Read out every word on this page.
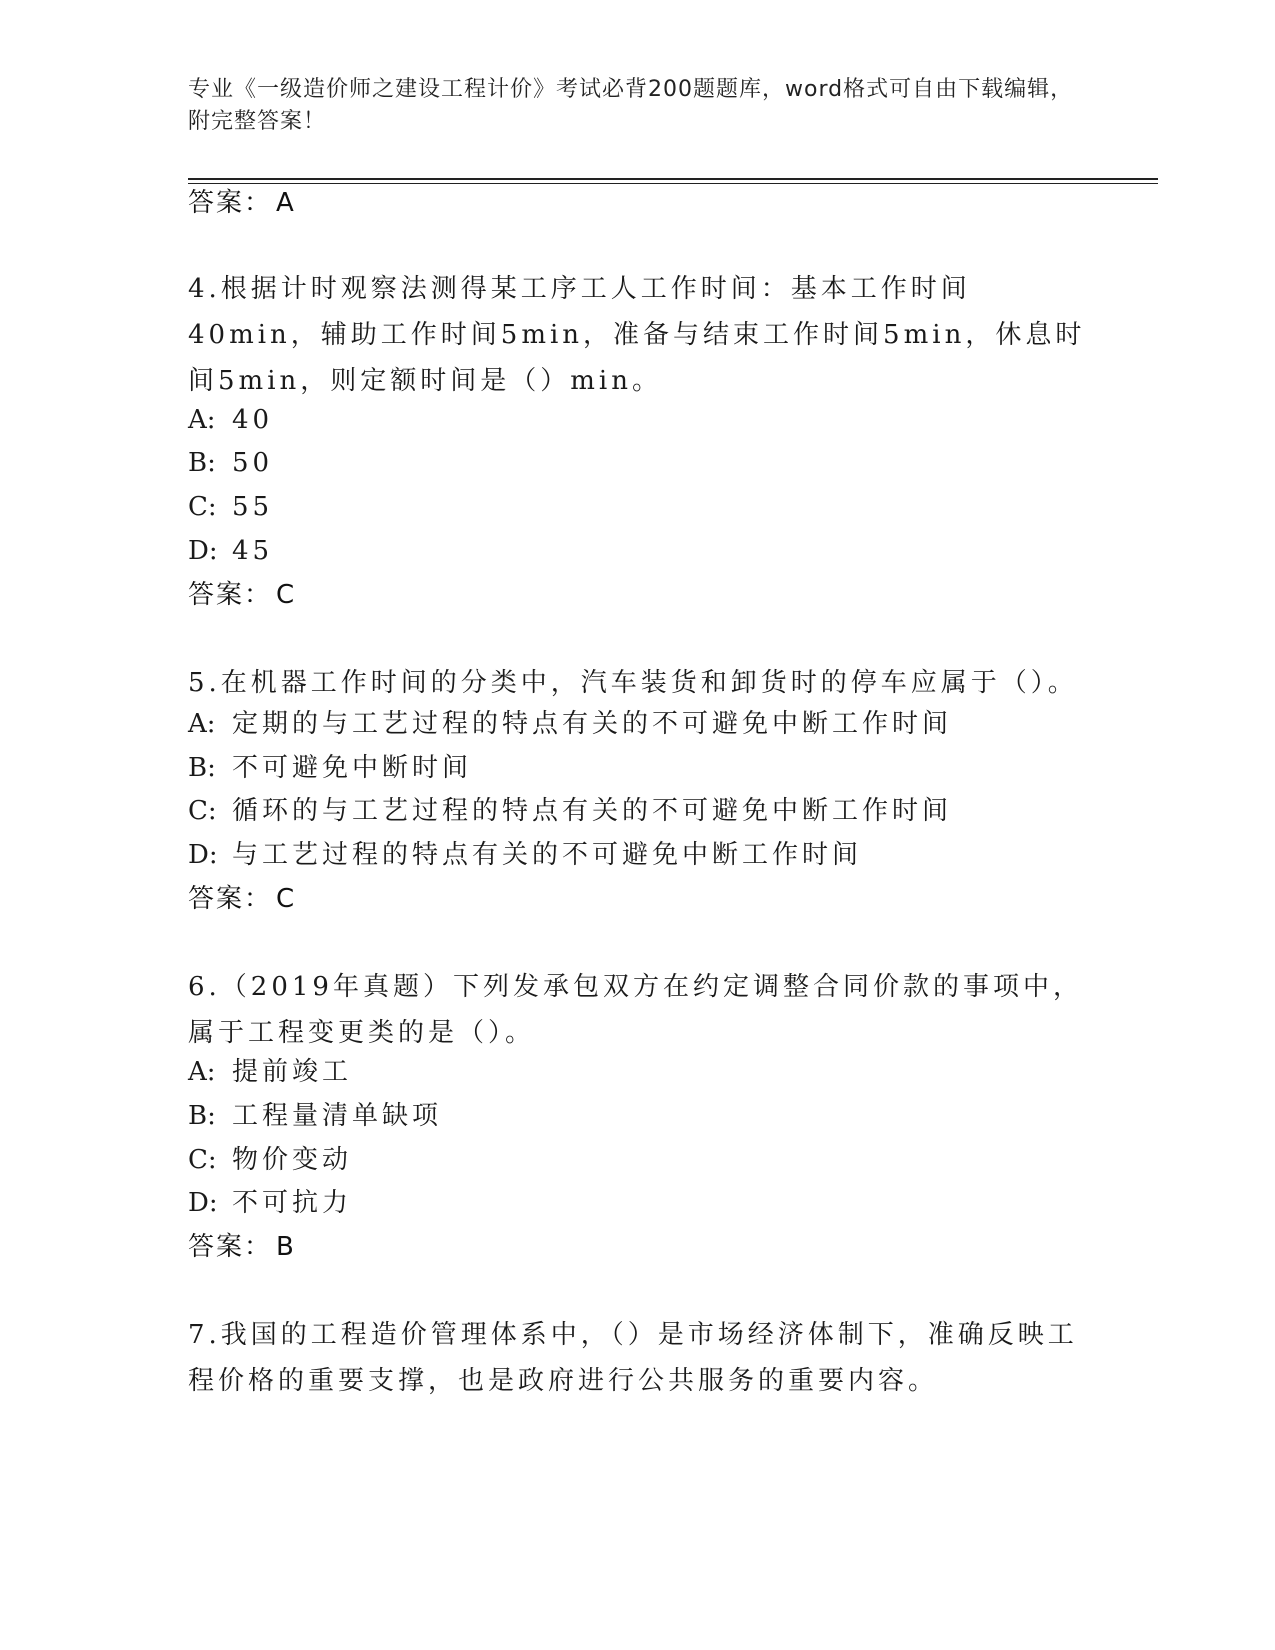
专业《一级造价师之建设工程计价》考试必背200题题库，word格式可自由下载编辑，附完整答案！
答案： A
4.根据计时观察法测得某工序工人工作时间：基本工作时间40min，辅助工作时间5min，准备与结束工作时间5min，休息时间5min，则定额时间是（）min。
A: 40
B: 50
C: 55
D: 45
答案： C
5.在机器工作时间的分类中，汽车装货和卸货时的停车应属于（）。
A: 定期的与工艺过程的特点有关的不可避免中断工作时间
B: 不可避免中断时间
C: 循环的与工艺过程的特点有关的不可避免中断工作时间
D: 与工艺过程的特点有关的不可避免中断工作时间
答案： C
6.（2019年真题）下列发承包双方在约定调整合同价款的事项中，属于工程变更类的是（）。
A: 提前竣工
B: 工程量清单缺项
C: 物价变动
D: 不可抗力
答案： B
7.我国的工程造价管理体系中，（）是市场经济体制下，准确反映工程价格的重要支撑，也是政府进行公共服务的重要内容。
